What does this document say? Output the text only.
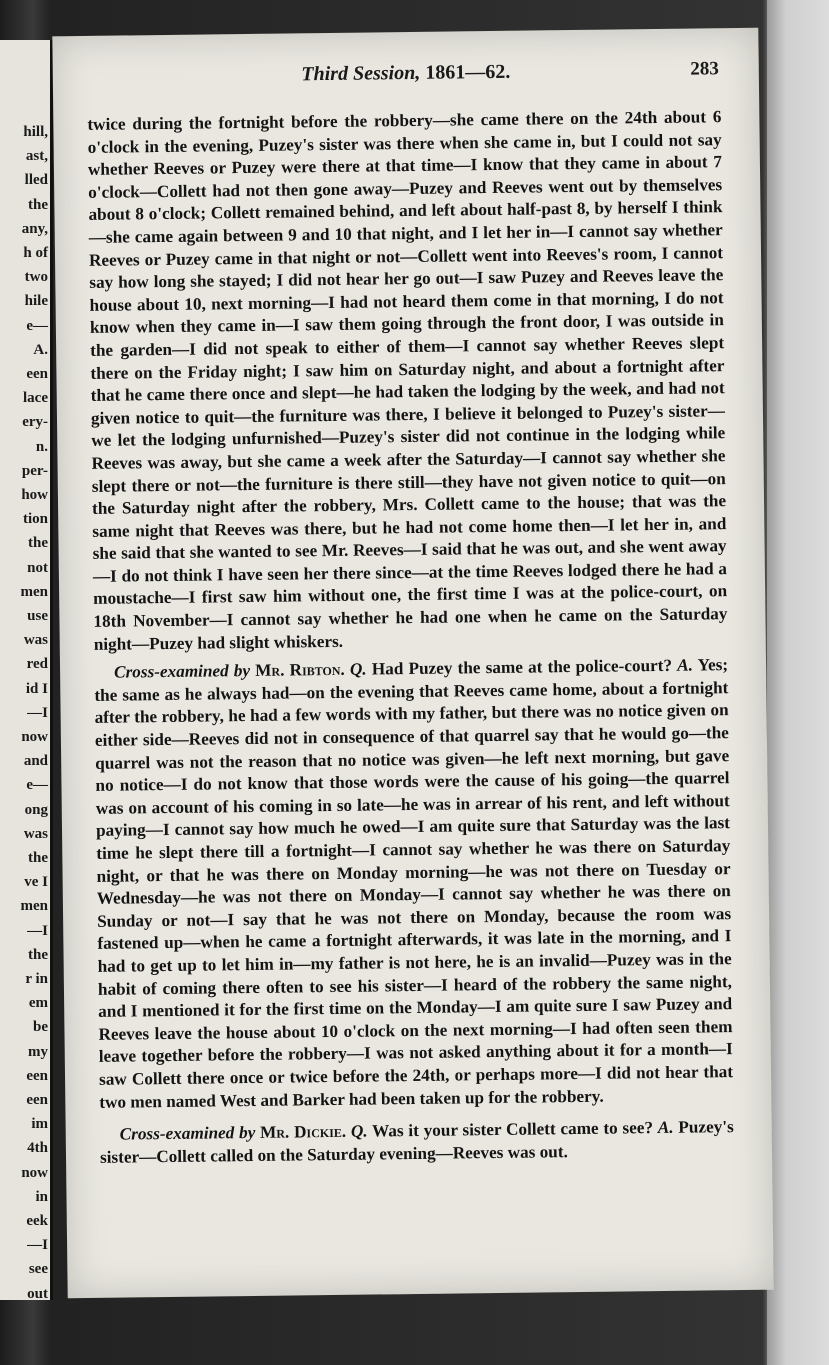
hill,
ast,
lled
the
any,
h of
two
hile
e—
A.
een
lace
ery-
n.
per-
how
tion
the
not
men
use
was
red
id I
—I
now
and
e—
ong
was
the
ve I
men
—I
the
r in
em
be
my
een
een
im
4th
now
in
eek
—I
see
out
Third Session, 1861—62.	283

twice during the fortnight before the robbery—she came there on the 24th about 6 o'clock in the evening, Puzey's sister was there when she came in, but I could not say whether Reeves or Puzey were there at that time—I know that they came in about 7 o'clock—Collett had not then gone away—Puzey and Reeves went out by themselves about 8 o'clock; Collett remained behind, and left about half-past 8, by herself I think—she came again between 9 and 10 that night, and I let her in—I cannot say whether Reeves or Puzey came in that night or not—Collett went into Reeves's room, I cannot say how long she stayed; I did not hear her go out—I saw Puzey and Reeves leave the house about 10, next morning—I had not heard them come in that morning, I do not know when they came in—I saw them going through the front door, I was outside in the garden—I did not speak to either of them—I cannot say whether Reeves slept there on the Friday night; I saw him on Saturday night, and about a fortnight after that he came there once and slept—he had taken the lodging by the week, and had not given notice to quit—the furniture was there, I believe it belonged to Puzey's sister—we let the lodging unfurnished—Puzey's sister did not continue in the lodging while Reeves was away, but she came a week after the Saturday—I cannot say whether she slept there or not—the furniture is there still—they have not given notice to quit—on the Saturday night after the robbery, Mrs. Collett came to the house; that was the same night that Reeves was there, but he had not come home then—I let her in, and she said that she wanted to see Mr. Reeves—I said that he was out, and she went away—I do not think I have seen her there since—at the time Reeves lodged there he had a moustache—I first saw him without one, the first time I was at the police-court, on 18th November—I cannot say whether he had one when he came on the Saturday night—Puzey had slight whiskers.

Cross-examined by Mr. Ribton. Q. Had Puzey the same at the police-court? A. Yes; the same as he always had—on the evening that Reeves came home, about a fortnight after the robbery, he had a few words with my father, but there was no notice given on either side—Reeves did not in consequence of that quarrel say that he would go—the quarrel was not the reason that no notice was given—he left next morning, but gave no notice—I do not know that those words were the cause of his going—the quarrel was on account of his coming in so late—he was in arrear of his rent, and left without paying—I cannot say how much he owed—I am quite sure that Saturday was the last time he slept there till a fortnight—I cannot say whether he was there on Saturday night, or that he was there on Monday morning—he was not there on Tuesday or Wednesday—he was not there on Monday—I cannot say whether he was there on Sunday or not—I say that he was not there on Monday, because the room was fastened up—when he came a fortnight afterwards, it was late in the morning, and I had to get up to let him in—my father is not here, he is an invalid—Puzey was in the habit of coming there often to see his sister—I heard of the robbery the same night, and I mentioned it for the first time on the Monday—I am quite sure I saw Puzey and Reeves leave the house about 10 o'clock on the next morning—I had often seen them leave together before the robbery—I was not asked anything about it for a month—I saw Collett there once or twice before the 24th, or perhaps more—I did not hear that two men named West and Barker had been taken up for the robbery.

Cross-examined by Mr. Dickie. Q. Was it your sister Collett came to see? A. Puzey's sister—Collett called on the Saturday evening—Reeves was out.
